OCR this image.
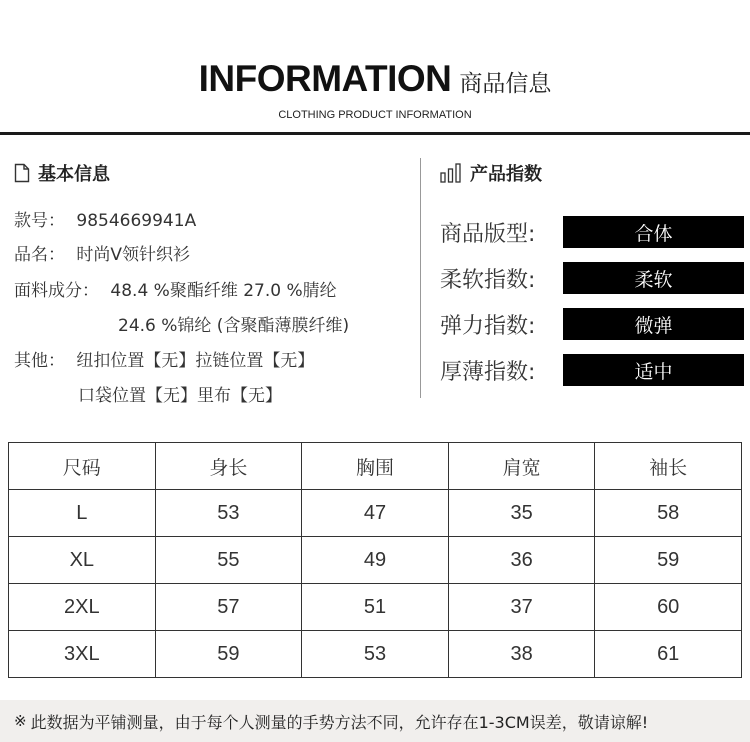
INFORMATION 商品信息
CLOTHING PRODUCT INFORMATION
基本信息
款号： 9854669941A
品名： 时尚V领针织衫
面料成分： 48.4 %聚酯纤维 27.0 %腈纶
24.6 %锦纶 (含聚酯薄膜纤维)
其他： 纽扣位置【无】拉链位置【无】
口袋位置【无】里布【无】
产品指数
商品版型:	合体
柔软指数:	柔软
弹力指数:	微弹
厚薄指数:	适中
尺码	身长	胸围	肩宽	袖长
L	53	47	35	58
XL	55	49	36	59
2XL	57	51	37	60
3XL	59	53	38	61
※ 此数据为平铺测量，由于每个人测量的手势方法不同，允许存在1-3CM误差，敬请谅解!
